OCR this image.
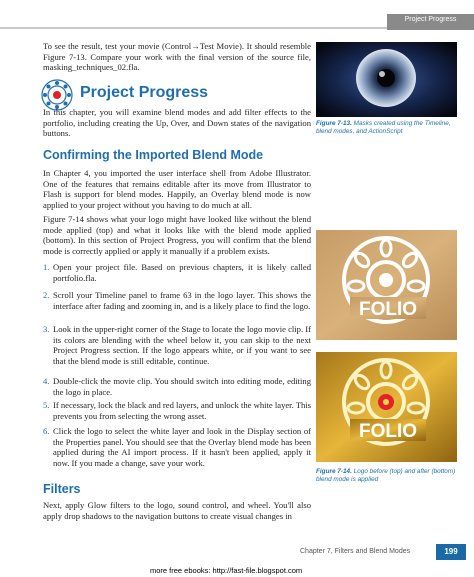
Project Progress

To see the result, test your movie (Control→Test Movie). It should resemble Figure 7-13. Compare your work with the final version of the source file, masking_techniques_02.fla.

Project Progress

In this chapter, you will examine blend modes and add filter effects to the portfolio, including creating the Up, Over, and Down states of the navigation buttons.

Confirming the Imported Blend Mode

In Chapter 4, you imported the user interface shell from Adobe Illustrator. One of the features that remains editable after its move from Illustrator to Flash is support for blend modes. Happily, an Overlay blend mode is now applied to your project without you having to do much at all.

Figure 7-14 shows what your logo might have looked like without the blend mode applied (top) and what it looks like with the blend mode applied (bottom). In this section of Project Progress, you will confirm that the blend mode is correctly applied or apply it manually if a problem exists.

1. Open your project file. Based on previous chapters, it is likely called portfolio.fla.
2. Scroll your Timeline panel to frame 63 in the logo layer. This shows the interface after fading and zooming in, and is a likely place to find the logo.
3. Look in the upper-right corner of the Stage to locate the logo movie clip. If its colors are blending with the wheel below it, you can skip to the next Project Progress section. If the logo appears white, or if you want to see that the blend mode is still editable, continue.
4. Double-click the movie clip. You should switch into editing mode, editing the logo in place.
5. If necessary, lock the black and red layers, and unlock the white layer. This prevents you from selecting the wrong asset.
6. Click the logo to select the white layer and look in the Display section of the Properties panel. You should see that the Overlay blend mode has been applied during the AI import process. If it hasn't been applied, apply it now. If you made a change, save your work.
Filters

Next, apply Glow filters to the logo, sound control, and wheel. You'll also apply drop shadows to the navigation buttons to create visual changes in

Figure 7-13. Masks created using the Timeline, blend modes, and ActionScript
FOLIO
FOLIO
Figure 7-14. Logo before (top) and after (bottom) blend mode is applied
Chapter 7, Filters and Blend Modes	199
more free ebooks: http://fast-file.blogspot.com
